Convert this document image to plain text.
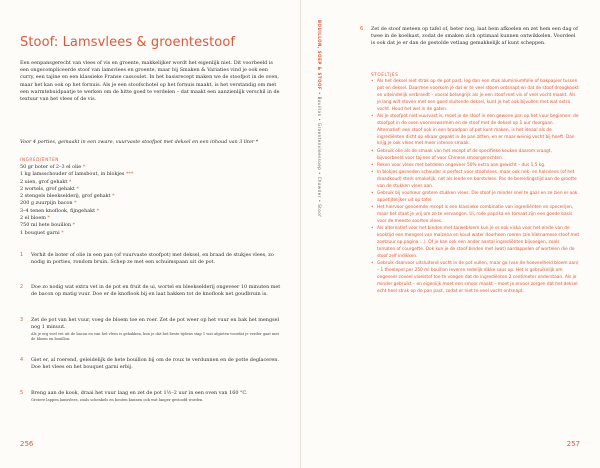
Stoof: Lamsvlees & groentestoof

Een eenpansgerecht van vlees of vis en groente, makkelijker wordt het eigenlijk niet. Dit voorbeeld is een ongecompliceerde stoof van lamsvlees en groente, maar bij Smaken & Variaties vind je ook een curry, een tajine en een klassieke Franse cassoulet. In het basisrecept maken we de stoofpot in de oven, maar het kan ook op het fornuis. Als je een stoofschotel op het fornuis maakt, is het verstandig om met een warmtebuidpaatje te werken om de hitte goed te verdelen – dat maakt een aanzienlijk verschil in de textuur van het vlees of de vis.

Voor 4 porties, gemaakt in een zware, vuurvaste stoofpot met deksel en een inhoud van 3 liter *

INGREDIËNTEN
50 gr boter of 2–3 el olie *
1 kg lamsschouder of lamsbout, in blokjes ***
2 uien, grof gehakt *
2 wortels, grof gehakt *
2 stengels bleekselderij, grof gehakt *
200 g zuurpijn bacon *
3–4 tenen knoflook, fijngehakt *
2 el bloem *
750 ml hete bouillon *
1 bouquet garni *
1 Verhit de boter of olie in een pan (of vuurvaste stoofpot) met deksel, en braad de stukjes vlees, zo nodig in porties, rondom bruin. Schep ze met een schuimspaan uit de pot.

2 Doe zo nodig wat extra vet in de pot en fruit de ui, wortel en bleekselderij ongeveer 10 minuten met de bacon op matig vuur. Doe er de knoflook bij en laat bakken tot de knoflook net goudbruin is.

3 Zet de pot van het vuur, voeg de bloem toe en roer. Zet de pot weer op het vuur en bak het mengsel nog 1 minuut.

Als je erg veel vet uit de bacon en van het vlees is gebakken, kun je dat het beste tijdens stap 1 wat afgieten voordat je verder gaat met de bloem en bouillon.

4 Giet er, al roerend, geleidelijk de hete bouillon bij om de roux te verdunnen en de potte deglaceren. Doe het vlees en het bouquet garni erbij.

5 Breng aan de kook, draai het vuur laag en zet de pot 1½–2 uur in een oven van 160 °C.

Grotere lappen lamsvlees, zoals schenkels en bouten kunnen ook wat langer gestoofd worden.

256
BOUILLON, SOEP & STOOF • Bouillon • Groentenvleessoep • Chowder • Stoof
6 Zet de stoof meteen op tafel of, beter nog, laat hem afkoelen en zet hem een dag of twee in de koelkast, zodat de smaken zich optimaal kunnen ontwikkelen. Voordeel is ook dat je er dan de gestolde vetlaag gemakkelijk af kunt scheppen.

STOELTJES
• Als het deksel niet strak op de pot past, leg dan een stuk aluminiumfolie of bakpapier tussen pot en deksel. Daarmee voorkom je dat er te veel stoom ontsnapt en dat de stoof droogkookt en uiteindelijk verbrandt – vooral belangrijk als je een stoof met vis of veel vocht maakt. Als je lang wilt stoven met een goed sluitende deksel, kunt je het ook bijvullen met wat extra vocht. Houd het wel in de gaten.
• Als je stoofpot niet vuurvast is, moet je de stoof in een gewone pan op het vuur beginnen: de stoofpot in de oven voorverwarmen en de stoof met de deksel op 1 uur doorgaan. Alternatief: een stoof ook in een braadpan of pot kunt maken, is het ideaal als de ingrediënten dicht op elkaar gepakt in de pan zitten, en er maar weinig vocht bij hoeft. Dan krijg je ook vlees met meer intense smaak.
• Gebruik olie als de smaak van het recept of de specifieke keuken daarom vraagt, bijvoorbeeld voor tajines of voor Chinese smoorgerechten.
• Reken voor vlees met botdelen ongeveer 50% extra aan gewicht – dus 1,5 kg.
• In blokjes gesneden schouder is perfect voor stoofvlees, maar ook nek- en halsvlees (of het draadkoud) sterk smakelijk, net als lende en borstvlees. Pas de bereidingstijd aan de grootte van de stukken vlees aan.
• Gebruik bij voorkeur grotere stukken vlees. Die stoof je minder snel te gaar en ze zien er ook appetijtelijker uit op tafel.
• Het hiervoor genoemde recept is een klassieke combinatie van ingrediënten en specerijen, maar het staat je vrij om ze te vervangen. Ui, rode paprika en tomaat zijn een goede basis voor de meeste soorten vlees.
• Als alternatief voor het binden met tarwebloem kun je er ook viska voor het einde van de kooktijd een mengsel van maizena en koud water doorheen roeren (zie Vietnamese stoof met zoetzuur op pagina ...). Of je kan ook een ander aantal ingrediënten bijvoegen, zoals tomaten of courgette. Ook kun je de stoof binden met (wat) aardappelen of wortelen die de stoof zelf indikken.
• Gebruik daarvoor uitsluitend vocht in de pot vullen, maar ga (van de hoeveelheid bloem aan) – 1 theelepel per 250 ml bouillon leveren redelijk dikke saus op. Het is gebruikelijk om ongeveer zoveel vloeistof toe te voegen dat de ingrediënten 2 centimeter onderstaan. Als je minder gebruikt – en eigenlijk moet een smoor maakt – moet je ervoor zorgen dat het deksel echt heel strak op de pan past, zodat er niet te veel vocht ontsnapt.
257
